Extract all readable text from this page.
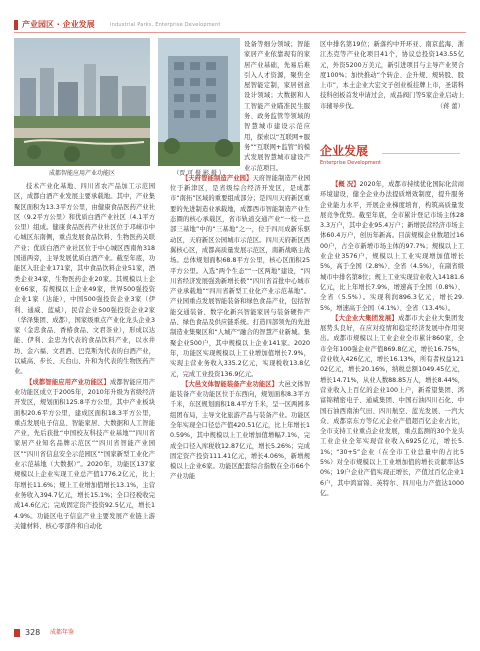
产业园区 · 企业发展	Industrial Parks, Enterprise Development
成都智能应用产业功能区	（贾 可 摄 影 摄 ）

技术产业化基地、四川省农产品加工示范园区，成都白酒产业发展主要承载地。其中，产业集聚区面积为13.3平方公里，由健康食品医药产业社区（9.2平方公里）和优质白酒产业社区（4.1平方公里）组成。健康食品医药产业社区位于邛崃市中心城区东南侧，重点发展食品饮料、生物医药关联产业；优质白酒产业社区位于中心城区西南角318国道两旁，主导发展优质白酒产业。截至年底，功能区入驻企业171家，其中食品饮料企业51家，酒类企业34家，生物医药企业20家。其规模以上企业66家，有规模以上企业49家，世界500强投资企业1家（达能），中国500强投资企业3家（伊利、通威、蓝威），民营企业500强投资企业2家（华泽集团、成都），国家级重点产业化龙头企业3家（金忠食品、香椿食品、文君茶业），形成以达能、伊利、金忠为代表的食品饮料产业，以水井坊、金六福、文君酒、巴克斯为代表的白酒产业，以威高、步长、天台山、升和为代表的生物医药产业。

【成都智能应用产业功能区】成都智能应用产业功能区成立于2005年，2010年升级为省级经济开发区，规划面积125.8平方公里，其中产业板块面积20.6平方公里，建成区面积18.3平方公里，重点发展电子信息、智能家居、大数据和人工智能产业，先后获批“中国校友科技产业基地”“四川省家居产业知名品牌示范区”“四川省智能产业园区”“四川省信息安全示范园区”“国家新型工业化产业示范基地（大数据）”。2020年，功能区137家规模以上企业实现工业总产值1776.2亿元，比上年增长11.6%；规上工业增加值增长13.1%，主营业务收入394.7亿元，增长15.1%；全口径税收完成14.6亿元；完成固定资产投资92.5亿元，增长14.9%。功能区电子信息产业主要发展产业链上游关键材料、核心零部件和自动化

设备等细分领域；智能家居产业依靠现有的家居产业基础，先易后难引入人才资源，聚焦全屋智能定制，家居创意设计领域；大数据和人工智能产业瞄准民生服务、政务监管等领域的智慧城市建设示范应用，探索以“互联网+服务”“互联网+监管”的模式发展智慧城市建设产业示范项目。

【天府智能制造产业园】天府智能制造产业园位于新津区，是省级综合经济开发区，是成都市“南拓”区域的重要组成部分；是四川天府新区重要的先进制造业承载地，成都西市智能制造产业生态圈的核心承载区，省市轨道交通产业“一校一总部三基地”中的“三基地”之一，位于四川成新乐驱动区，天府新区公园城市示范区。四川天府新区西翼核心区，成都高质量发展示范区，南新战略主战场。总体规划面积68.8平方公里，核心区面积25平方公里。入选“两个生态”“一区两地”建设，“四川省经济发展强劲新增长极”“四川省首批中心城市产业承载地”“四川省新型工业化产业示范基地”。产业园重点发展智能装备和绿色食品产业，包括智能交通装备、数字化新兴智能家居与装备硬件产品、绿色食品及供应链系统。打造四部领先的先进制造业集聚区和“人城产”融合的智慧产业新城。集聚企业500户，其中规模以上企业141家。2020年，功能区实现规模以上工业增加值增长7.9%，实现主营业务收入335.2亿元，实现税收13.8亿元，完成工业投资136.9亿元。

【大邑文体智能装备产业功能区】大邑文体智能装备产业功能区位于东西向，规划面积8.3平方千米，东区规划面积18.4平方千米，呈一区两园多组团布局，主导文化旅游产品与装备产业。功能区全年实现全口径总产值420.51亿元，比上年增长10.59%，其中规模以上工业增加值增幅7.1%，完成全口径入库税收12.87亿元，增长5.26%；完成固定资产投资111.41亿元，增长4.06%，新增规模以上企业6家。功能区配套综合指数在全市66个产业功能

区中排名第19位；新落约中开环亚、南京蓝海、浙江杰克等产业化项目41个，协议总投资143.55亿元，外资5200万美元，新引进项目与主导产业契合度100%；加快推动“个转企、企升规、规转股、股上市”，本土企业大宏文子创业板挂牌上市，圣诺科技科创板首发申请过会，成品阀门等5家企业启动上市辅导步伐。	（蒋 蕾）

企业发展
Enterprise Development

【概 况】2020年，成都市持续优化国际化营商环境建设，健全企业办法提质增效制度，提升服务企业能力水平，开展企业梯度培育，构筑高质量发展竞争优势。截至年底，全市累计登记市场主体283.3万户，其中企业95.4万户；新增民营经济市场主体60.4万户，创历年新高。目前规模企业数超过1600户，占全市新增市场主体的97.7%；规模以上工业企业3576户，规模以上工业实现增加值增长5%，高于全国（2.8%）、全省（4.5%），在副省级城市中排名第8位；规上工业实现营业收入14181.6亿元，比上年增长7.9%，增速高于全国（0.8%）、全省（5.5%）。实现利润896.3亿元，增长29.5%，增速高于全国（4.1%）、全省（13.4%）。

【大企业大集团发展】成都市大企业大集团发展势头良好，在应对疫情和稳定经济发展中作用突出。成都市规模以上工业企业全市累计860家，全市全年100强企业产值869.8亿元，增长16.75%，营业收入426亿元，增长16.13%，所有者权益12102亿元，增长20.16%，纳税总额1049.45亿元，增长14.71%，从业人数88.85万人，增长8.44%，营业收入上百亿的企业100上户，新希望集团、鸿富锦精密电子、通威集团、中国石油四川石化、中国石油西南油气田、四川航空、蓝光发展、一汽大众、成都京东方等亿元企业产值超百亿企业占比，全市支持工业重点企业发展，重点监测的30个龙头工业企业全年实现营业收入6925亿元，增长5.1%；“30+5”企业（在全市工业总量中的占比55%）对全市规模以上工业增加值的增长贡献率达50%；19户企业产值实现正增长，产值过百亿企业16户，其中鸿富锦、英特尔、四川电力产值达1000亿。

328 成都年鉴
